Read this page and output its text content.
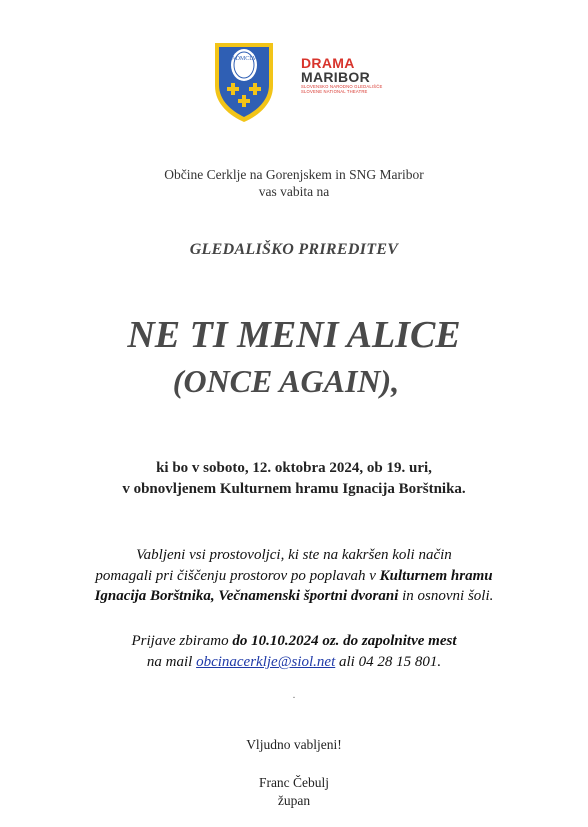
ADMCLV	DRAMA
MARIBOR
SLOVENSKO NARODNO GLEDALIŠČE
SLOVENE NATIONAL THEATRE
Občine Cerklje na Gorenjskem in SNG Maribor
vas vabita na
GLEDALIŠKO PRIREDITEV
NE TI MENI ALICE
(ONCE AGAIN),
ki bo v soboto, 12. oktobra 2024, ob 19. uri,
v obnovljenem Kulturnem hramu Ignacija Borštnika.
Vabljeni vsi prostovoljci, ki ste na kakršen koli način
pomagali pri čiščenju prostorov po poplavah v Kulturnem hramu
Ignacija Borštnika, Večnamenski športni dvorani in osnovni šoli.
Prijave zbiramo do 10.10.2024 oz. do zapolnitve mest
na mail obcinacerklje@siol.net ali 04 28 15 801.
.
Vljudno vabljeni!
Franc Čebulj
župan
